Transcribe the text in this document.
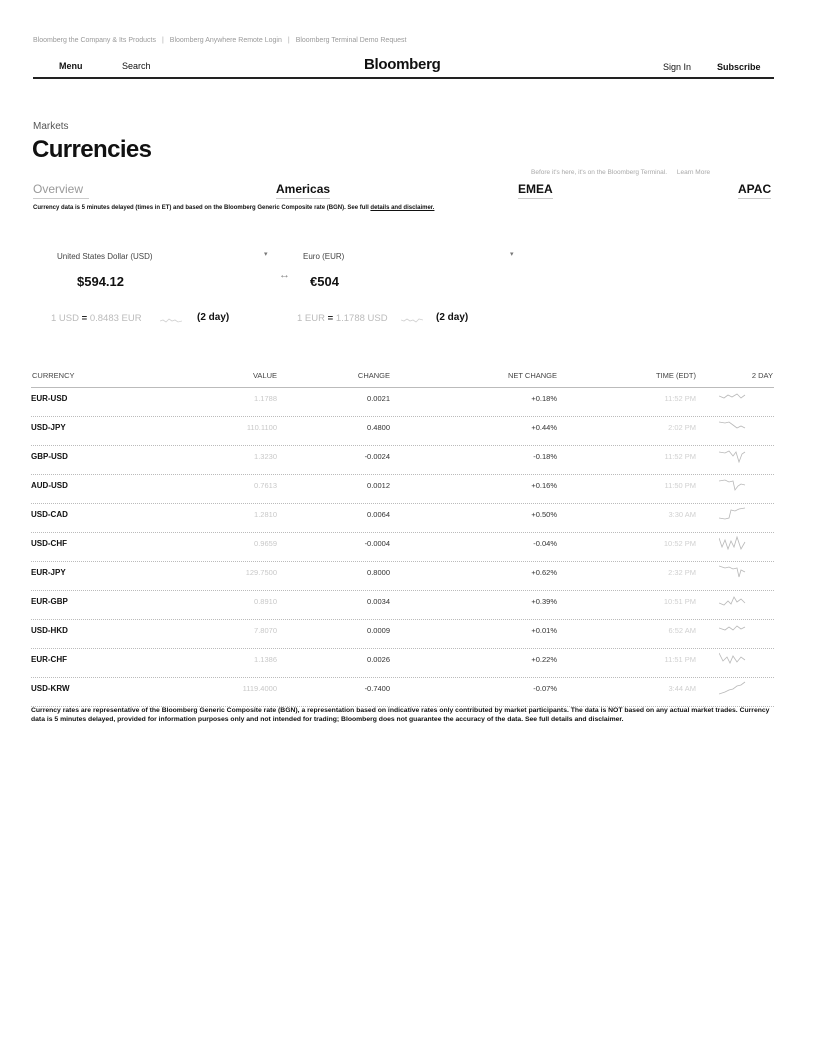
Bloomberg the Company & Its Products | Bloomberg Anywhere Remote Login | Bloomberg Terminal Demo Request
Menu	Search	Bloomberg	Sign In	Subscribe
Markets
Currencies
Before it's here, it's on the Bloomberg Terminal. Learn More
Overview	Americas	EMEA	APAC
Currency data is 5 minutes delayed (times in ET) and based on the Bloomberg Generic Composite rate (BGN). See full details and disclaimer.
United States Dollar (USD)	▾	Euro (EUR)	▾
$594.12	↔ €504
1 USD = 0.8483 EUR	(2 day)	1 EUR = 1.1788 USD	(2 day)
CURRENCY	VALUE	CHANGE	NET CHANGE	TIME (EDT)	2 DAY
EUR-USD	1.1788	0.0021	+0.18%	11:52 PM
USD-JPY	110.1100	0.4800	+0.44%	2:02 PM
GBP-USD	1.3230	-0.0024	-0.18%	11:52 PM
AUD-USD	0.7613	0.0012	+0.16%	11:50 PM
USD-CAD	1.2810	0.0064	+0.50%	3:30 AM
USD-CHF	0.9659	-0.0004	-0.04%	10:52 PM
EUR-JPY	129.7500	0.8000	+0.62%	2:32 PM
EUR-GBP	0.8910	0.0034	+0.39%	10:51 PM
USD-HKD	7.8070	0.0009	+0.01%	6:52 AM
EUR-CHF	1.1386	0.0026	+0.22%	11:51 PM
USD-KRW	1119.4000	-0.7400	-0.07%	3:44 AM
Currency rates are representative of the Bloomberg Generic Composite rate (BGN), a representation based on indicative rates only contributed by market participants. The data is NOT based on any actual market trades. Currency data is 5 minutes delayed, provided for information purposes only and not intended for trading; Bloomberg does not guarantee the accuracy of the data. See full details and disclaimer.
